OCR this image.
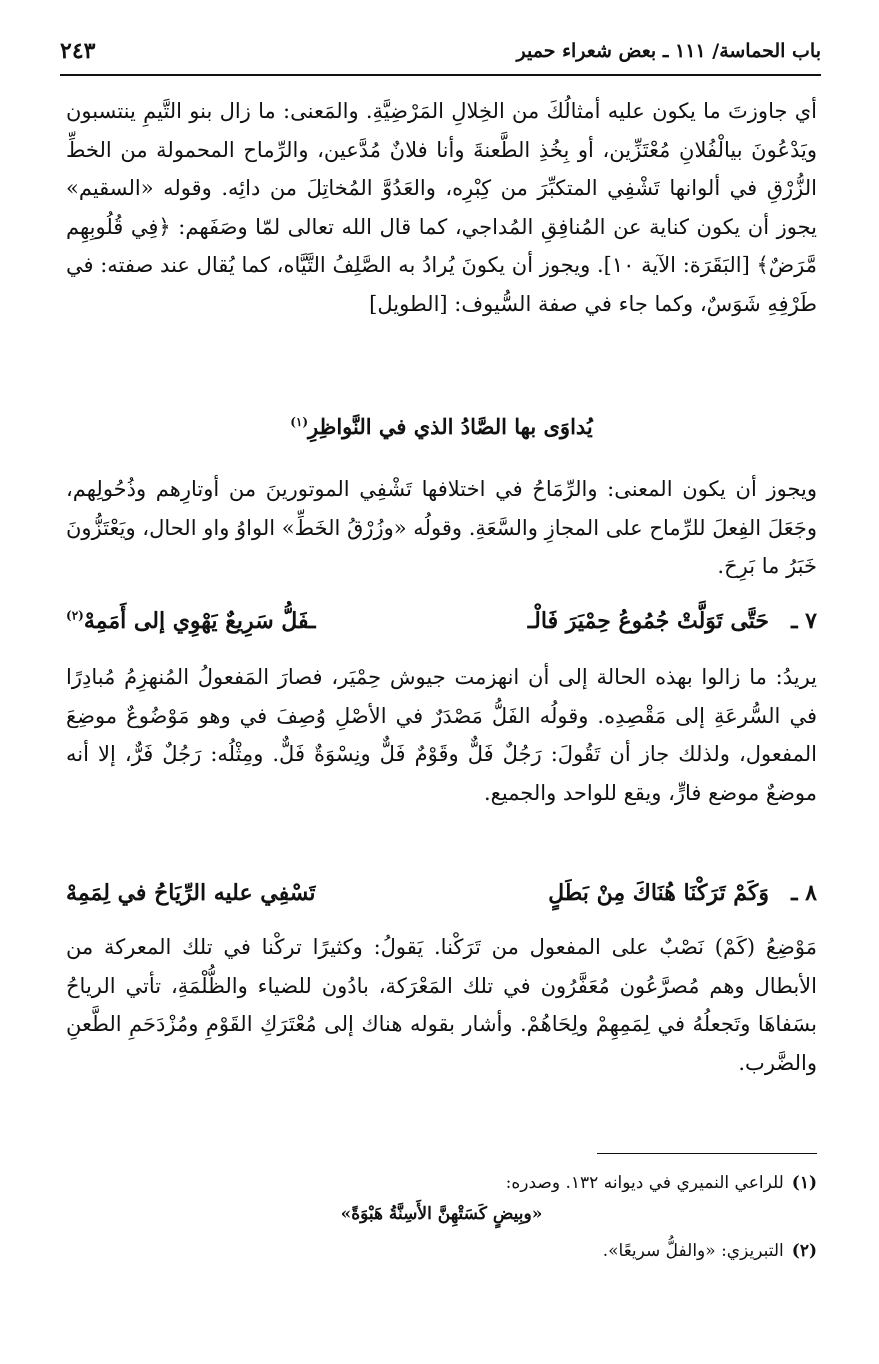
باب الحماسة/ ١١١ ـ بعض شعراء حمير
٢٤٣
أي جاوزتَ ما يكون عليه أمثالُكَ من الخِلالِ المَرْضِيَّةِ. والمَعنى: ما زال بنو التَّيمِ ينتسبون ويَدْعُونَ بيالْفُلانِ مُعْتَزِّين، أو بِخُذِ الطَّعنةَ وأنا فلانٌ مُدَّعين، والرِّماح المحمولة من الخطِّ الزُّرْقِ في ألوانها تَشْفِي المتكبِّرَ من كِبْرِه، والعَدُوَّ المُخاتِلَ من دائِه. وقوله «السقيم» يجوز أن يكون كناية عن المُنافِقِ المُداجي، كما قال الله تعالى لمّا وصَفَهم: ﴿فِي قُلُوبِهِم مَّرَضٌ﴾ [البَقَرَة: الآية ١٠]. ويجوز أن يكونَ يُرادُ به الصَّلِفُ التَّيَّاه، كما يُقال عند صفته: في طَرْفِهِ شَوَسٌ، وكما جاء في صفة السُّيوف: [الطويل]
يُداوَى بها الصَّادُ الذي في النَّواظِرِ$^{(١)}$
ويجوز أن يكون المعنى: والرِّمَاحُ في اختلافها تَشْفِي الموتورينَ من أوتارِهم وذُحُولِهم، وجَعَلَ الفِعلَ للرِّماح على المجازِ والسَّعَةِ. وقولُه «وزُرْقُ الخَطِّ» الواوُ واو الحال، ويَعْتَزُّونَ خَبَرُ ما بَرِحَ.
٧ ـ
حَتَّى تَوَلَّتْ جُمُوعُ حِمْيَرَ فَالْـ
ـفَلُّ سَرِيعٌ يَهْوِي إلى أَمَمِهْ$^{(٢)}$
يريدُ: ما زالوا بهذه الحالة إلى أن انهزمت جيوش حِمْيَر، فصارَ المَفعولُ المُنهزِمُ مُبادِرًا في السُّرعَةِ إلى مَقْصِدِه. وقولُه الفَلُّ مَصْدَرٌ في الأصْلِ وُصِفَ في وهو مَوْضُوعٌ موضِعَ المفعول، ولذلك جاز أن تَقُولَ: رَجُلٌ فَلٌّ وقَوْمٌ فَلٌّ ونِسْوَةٌ فَلٌّ. ومِثْلُه: رَجُلٌ فَرٌّ، إلا أنه موضعٌ موضع فارٍّ، ويقع للواحد والجميع.
٨ ـ
وَكَمْ تَرَكْنَا هُنَاكَ مِنْ بَطَلٍ
تَسْفِي عليه الرِّيَاحُ في لِمَمِهْ
مَوْضِعُ (كَمْ) نَصْبٌ على المفعول من تَرَكْنا. يَقولُ: وكثيرًا تركْنا في تلك المعركة من الأبطال وهم مُصرَّعُون مُعَفَّرُون في تلك المَعْرَكة، بادُون للضياء والظُّلْمَةِ، تأتي الرياحُ بسَفاهَا وتَجعلُهُ في لِمَمِهِمْ ولِحَاهُمْ. وأشار بقوله هناك إلى مُعْتَرَكِ القَوْمِ ومُزْدَحَمِ الطَّعنِ والضَّرب.
(١)للراعي النميري في ديوانه ١٣٢. وصدره:
«وبِيضٍ كَسَتْهِنَّ الأَسِنَّةُ هَبْوَةً»
(٢)التبريزي: «والفلُّ سريعًا».
